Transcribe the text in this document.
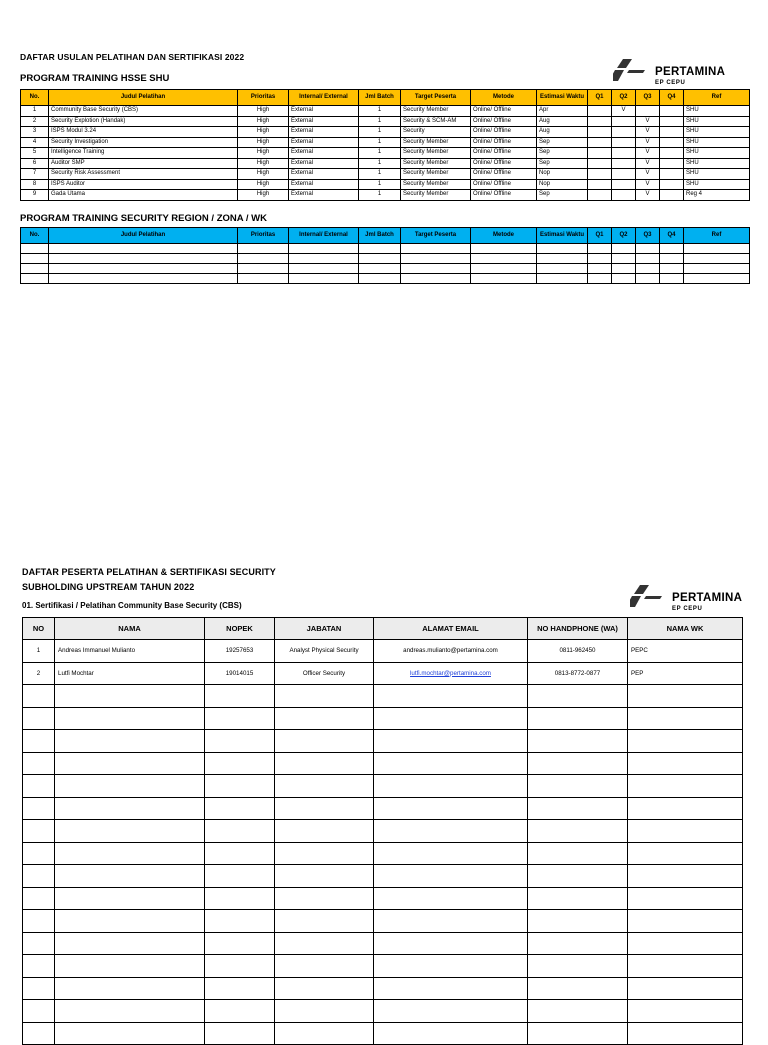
DAFTAR USULAN PELATIHAN DAN SERTIFIKASI 2022
PROGRAM TRAINING HSSE SHU
PERTAMINA
EP CEPU
No.	Judul Pelatihan	Prioritas	Internal/ External	Jml Batch	Target Peserta	Metode	Estimasi Waktu	Q1	Q2	Q3	Q4	Ref
1	Community Base Security (CBS)	High	External	1	Security Member	Online/ Offline	Apr		V			SHU
2	Security Explotion (Handak)	High	External	1	Security & SCM-AM	Online/ Offline	Aug			V		SHU
3	ISPS Modul 3.24	High	External	1	Security	Online/ Offline	Aug			V		SHU
4	Security Investigation	High	External	1	Security Member	Online/ Offline	Sep			V		SHU
5	Intelligence Training	High	External	1	Security Member	Online/ Offline	Sep			V		SHU
6	Auditor SMP	High	External	1	Security Member	Online/ Offline	Sep			V		SHU
7	Security Risk Assessment	High	External	1	Security Member	Online/ Offline	Nop			V		SHU
8	ISPS Auditor	High	External	1	Security Member	Online/ Offline	Nop			V		SHU
9	Gada Utama	High	External	1	Security Member	Online/ Offline	Sep			V		Reg 4
PROGRAM TRAINING SECURITY REGION / ZONA / WK
No.	Judul Pelatihan	Prioritas	Internal/ External	Jml Batch	Target Peserta	Metode	Estimasi Waktu	Q1	Q2	Q3	Q4	Ref

DAFTAR PESERTA PELATIHAN & SERTIFIKASI SECURITY
SUBHOLDING UPSTREAM TAHUN 2022
01. Sertifikasi / Pelatihan Community Base Security (CBS)
PERTAMINA
EP CEPU
NO	NAMA	NOPEK	JABATAN	ALAMAT EMAIL	NO HANDPHONE (WA)	NAMA WK
1	Andreas Immanuel Mulianto	19257653	Analyst Physical Security	andreas.mulianto@pertamina.com	0811-962450	PEPC
2	Lutfi Mochtar	19014015	Officer Security	lutfi.mochtar@pertamina.com	0813-8772-0877	PEP
